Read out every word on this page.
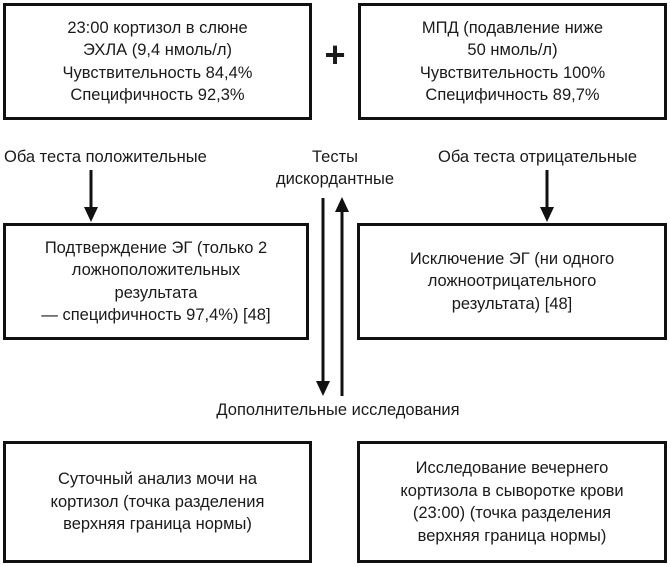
23:00 кортизол в слюне
ЭХЛА (9,4 нмоль/л)
Чувствительность 84,4%
Специфичность 92,3%
+
МПД (подавление ниже
50 нмоль/л)
Чувствительность 100%
Специфичность 89,7%
Оба теста положительные	Тесты
дискордантные
Оба теста отрицательные
Подтверждение ЭГ (только 2
ложноположительных
результата
— специфичность 97,4%) [48]
Исключение ЭГ (ни одного
ложноотрицательного
результата) [48]
Дополнительные исследования
Суточный анализ мочи на
кортизол (точка разделения
верхняя граница нормы)
Исследование вечернего
кортизола в сыворотке крови
(23:00) (точка разделения
верхняя граница нормы)
